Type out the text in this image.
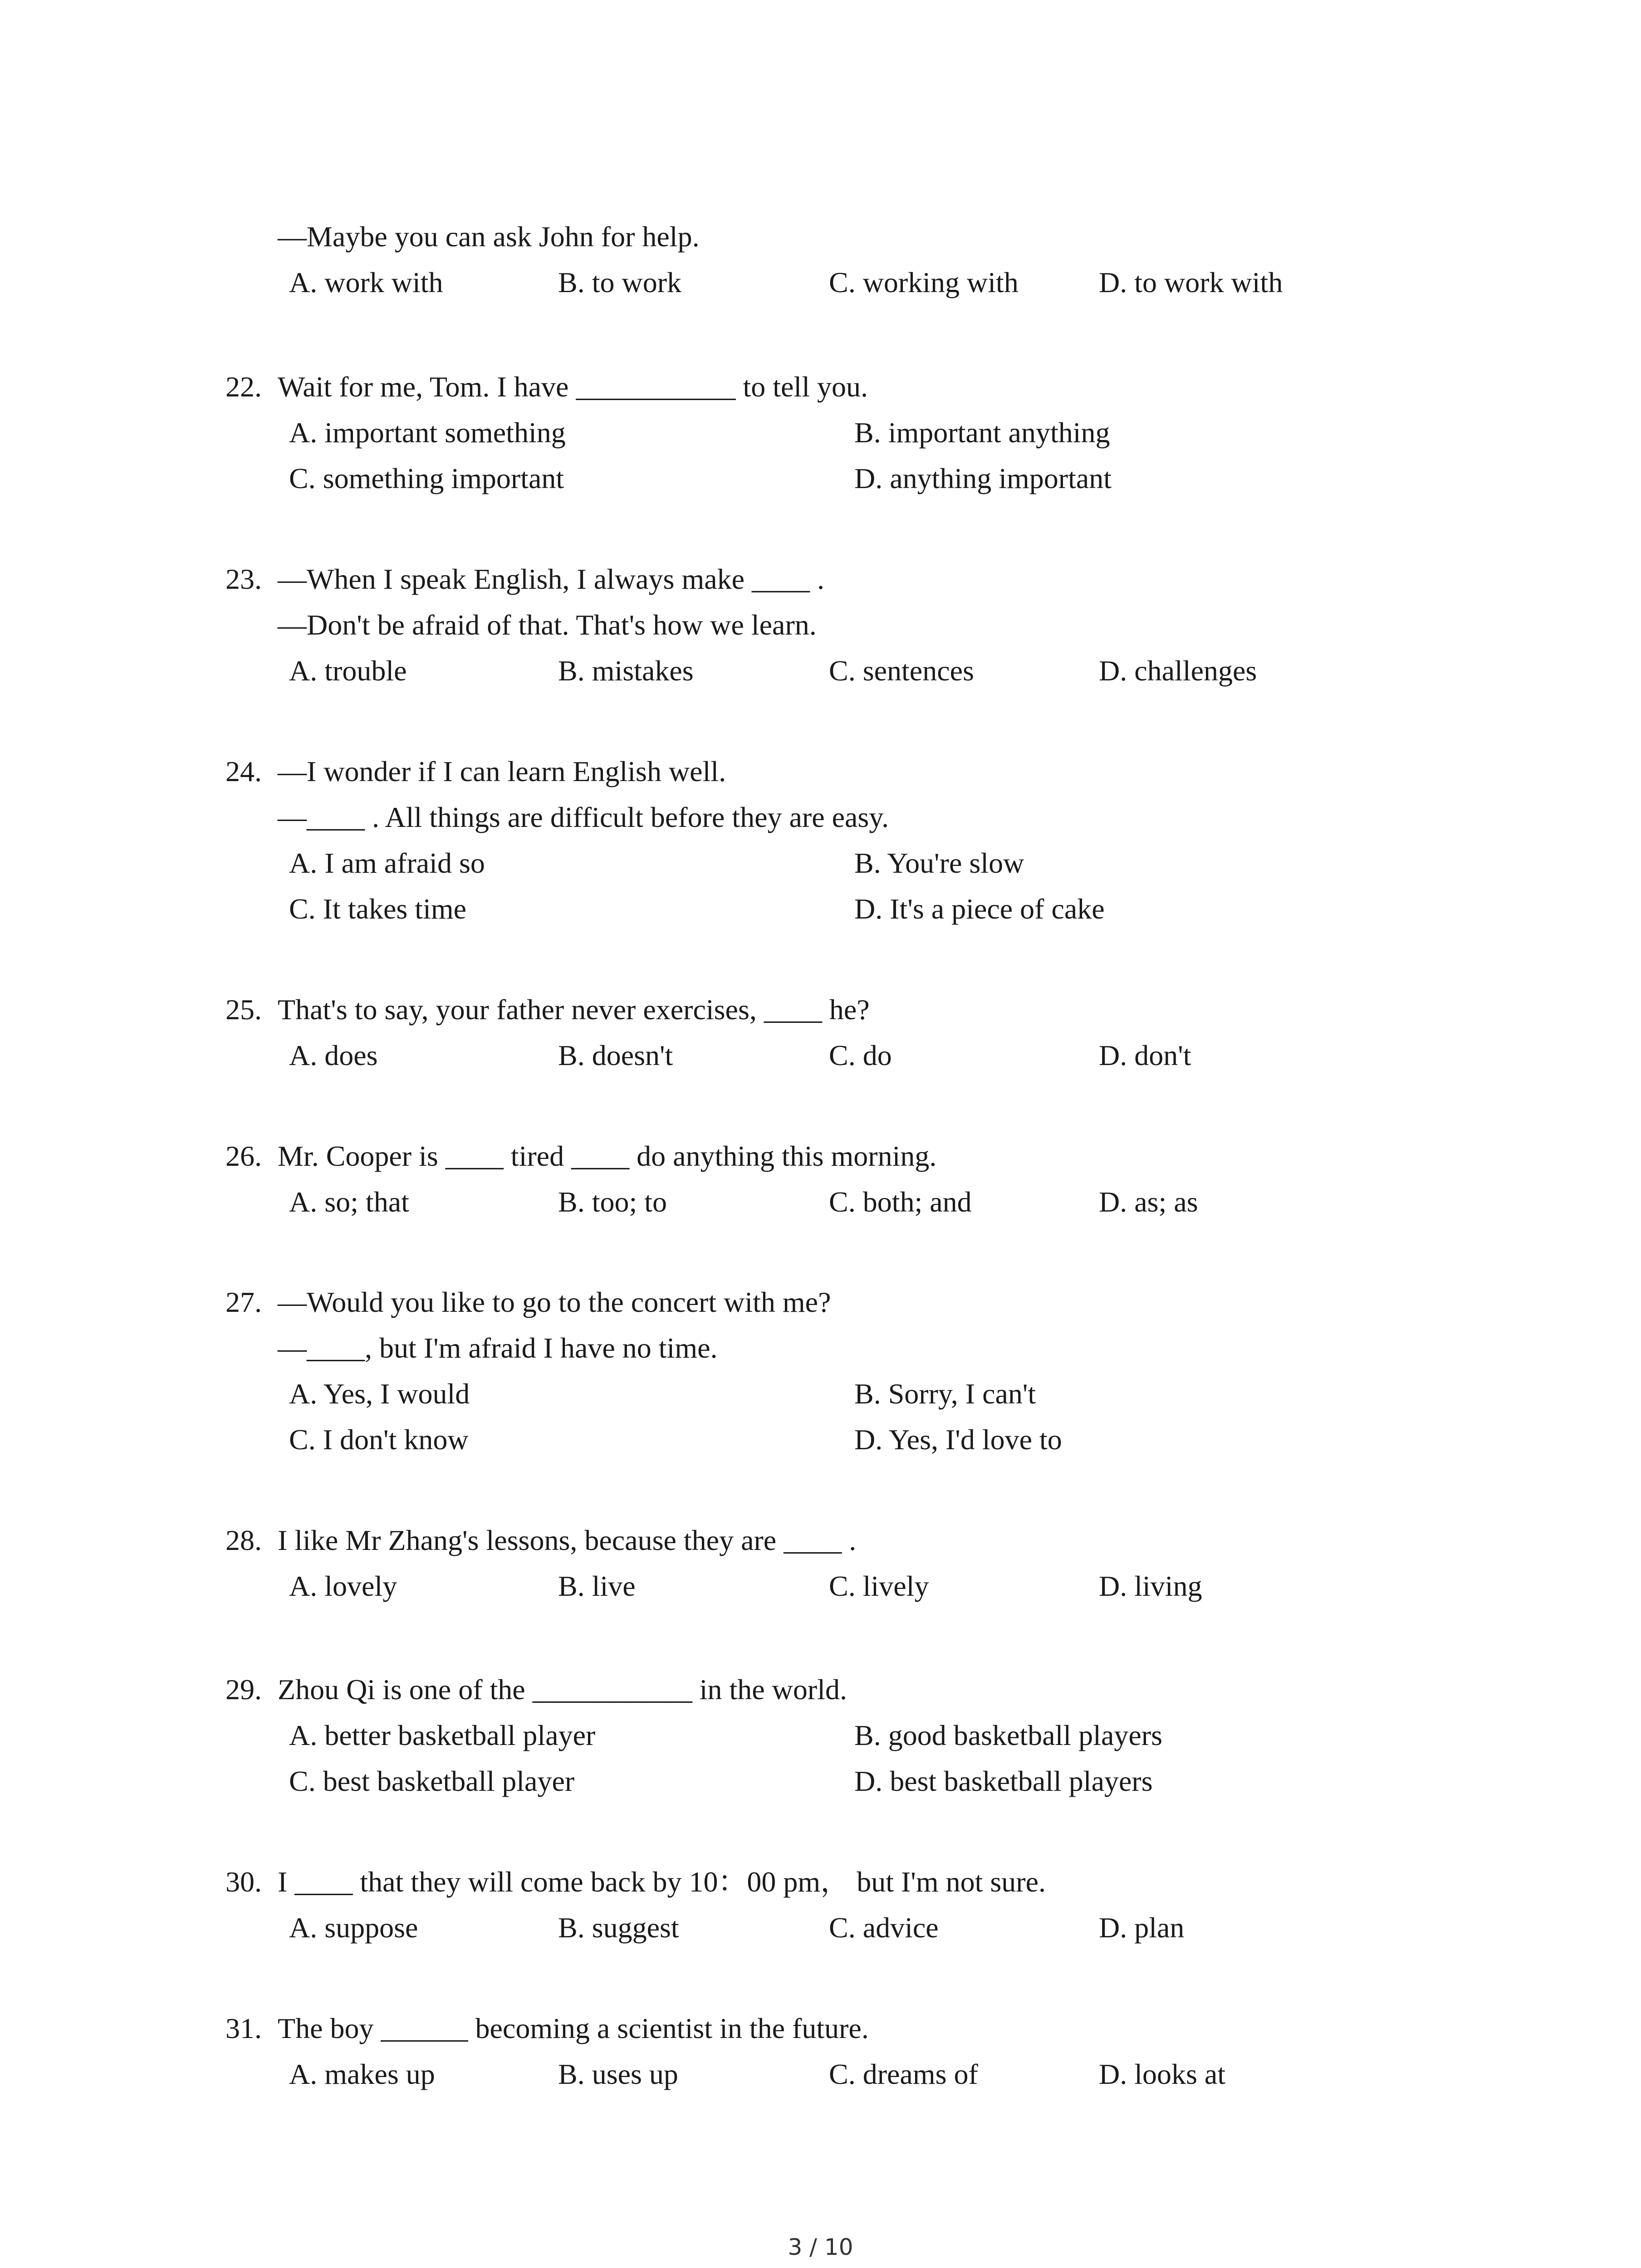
—Maybe you can ask John for help.
A. work with	B. to work	C. working with	D. to work with
22. Wait for me, Tom. I have ___________ to tell you.
A. important something	B. important anything
C. something important	D. anything important
23. —When I speak English, I always make ____ .
—Don't be afraid of that. That's how we learn.
A. trouble	B. mistakes	C. sentences	D. challenges
24. —I wonder if I can learn English well.
—____ . All things are difficult before they are easy.
A. I am afraid so	B. You're slow
C. It takes time	D. It's a piece of cake
25. That's to say, your father never exercises, ____ he?
A. does	B. doesn't	C. do	D. don't
26. Mr. Cooper is ____ tired ____ do anything this morning.
A. so; that	B. too; to	C. both; and	D. as; as
27. —Would you like to go to the concert with me?
—____, but I'm afraid I have no time.
A. Yes, I would	B. Sorry, I can't
C. I don't know	D. Yes, I'd love to
28. I like Mr Zhang's lessons, because they are ____ .
A. lovely	B. live	C. lively	D. living
29. Zhou Qi is one of the ___________ in the world.
A. better basketball player	B. good basketball players
C. best basketball player	D. best basketball players
30. I ____ that they will come back by 10：00 pm， but I'm not sure.
A. suppose	B. suggest	C. advice	D. plan
31. The boy ______ becoming a scientist in the future.
A. makes up	B. uses up	C. dreams of	D. looks at
3 / 10
